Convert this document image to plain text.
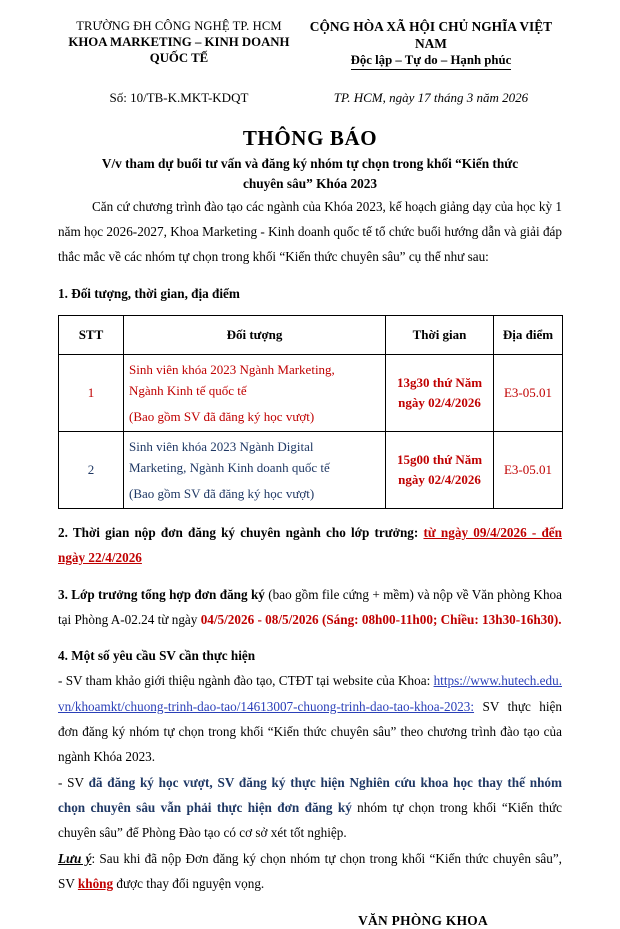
TRƯỜNG ĐH CÔNG NGHỆ TP. HCM
KHOA MARKETING – KINH DOANH QUỐC TẾ
CỘNG HÒA XÃ HỘI CHỦ NGHĨA VIỆT NAM
Độc lập – Tự do – Hạnh phúc
Số: 10/TB-K.MKT-KDQT	TP. HCM, ngày 17 tháng 3 năm 2026
THÔNG BÁO
V/v tham dự buổi tư vấn và đăng ký nhóm tự chọn trong khối “Kiến thức chuyên sâu” Khóa 2023

Căn cứ chương trình đào tạo các ngành của Khóa 2023, kế hoạch giảng dạy của học kỳ 1 năm học 2026-2027, Khoa Marketing - Kinh doanh quốc tế tổ chức buổi hướng dẫn và giải đáp thắc mắc về các nhóm tự chọn trong khối “Kiến thức chuyên sâu” cụ thể như sau:

1. Đối tượng, thời gian, địa điểm
STT	Đối tượng	Thời gian	Địa điểm
1	Sinh viên khóa 2023 Ngành Marketing,
Ngành Kinh tế quốc tế
(Bao gồm SV đã đăng ký học vượt)	13g30 thứ Năm
ngày 02/4/2026	E3-05.01
2	Sinh viên khóa 2023 Ngành Digital
Marketing, Ngành Kinh doanh quốc tế
(Bao gồm SV đã đăng ký học vượt)	15g00 thứ Năm
ngày 02/4/2026	E3-05.01

2. Thời gian nộp đơn đăng ký chuyên ngành cho lớp trưởng: từ ngày 09/4/2026 - đến ngày 22/4/2026

3. Lớp trưởng tổng hợp đơn đăng ký (bao gồm file cứng + mềm) và nộp về Văn phòng Khoa tại Phòng A-02.24 từ ngày 04/5/2026 - 08/5/2026 (Sáng: 08h00-11h00; Chiều: 13h30-16h30).

4. Một số yêu cầu SV cần thực hiện

- SV tham khảo giới thiệu ngành đào tạo, CTĐT tại website của Khoa: https://www.hutech.edu.vn/khoamkt/chuong-trinh-dao-tao/14613007-chuong-trinh-dao-tao-khoa-2023: SV thực hiện đơn đăng ký nhóm tự chọn trong khối “Kiến thức chuyên sâu” theo chương trình đào tạo của ngành Khóa 2023.

- SV đã đăng ký học vượt, SV đăng ký thực hiện Nghiên cứu khoa học thay thế nhóm chọn chuyên sâu vẫn phải thực hiện đơn đăng ký nhóm tự chọn trong khối “Kiến thức chuyên sâu” để Phòng Đào tạo có cơ sở xét tốt nghiệp.

Lưu ý: Sau khi đã nộp Đơn đăng ký chọn nhóm tự chọn trong khối “Kiến thức chuyên sâu”, SV không được thay đổi nguyện vọng.

VĂN PHÒNG KHOA
